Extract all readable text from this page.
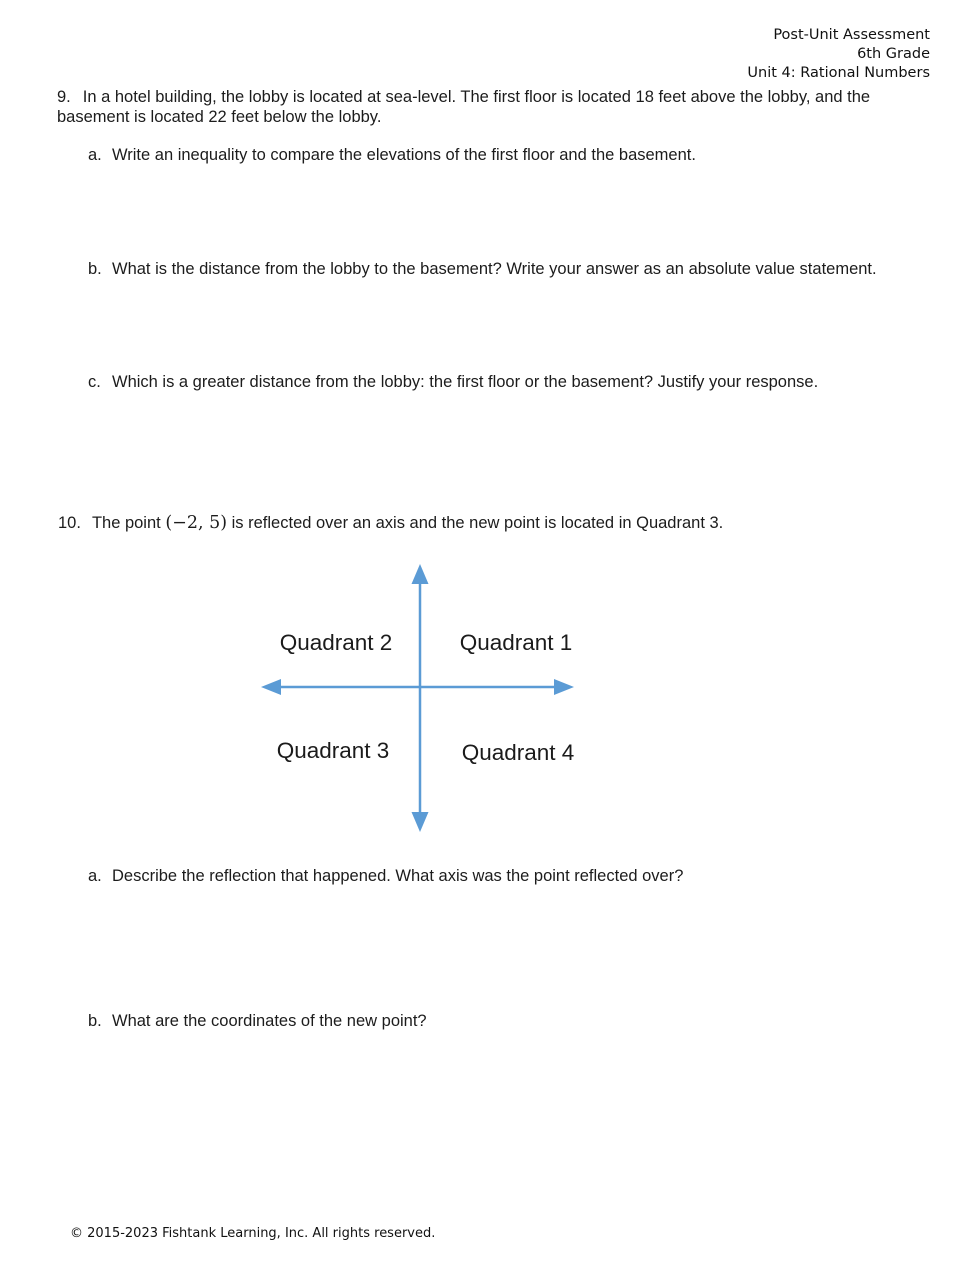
Post-Unit Assessment
6th Grade
Unit 4: Rational Numbers
9. In a hotel building, the lobby is located at sea-level. The first floor is located 18 feet above the lobby, and the basement is located 22 feet below the lobby.
a. Write an inequality to compare the elevations of the first floor and the basement.
b. What is the distance from the lobby to the basement? Write your answer as an absolute value statement.
c. Which is a greater distance from the lobby: the first floor or the basement? Justify your response.
10. The point (−2, 5) is reflected over an axis and the new point is located in Quadrant 3.
Quadrant 2	Quadrant 1
Quadrant 3	Quadrant 4
a. Describe the reflection that happened. What axis was the point reflected over?
b. What are the coordinates of the new point?
© 2015-2023 Fishtank Learning, Inc. All rights reserved.
